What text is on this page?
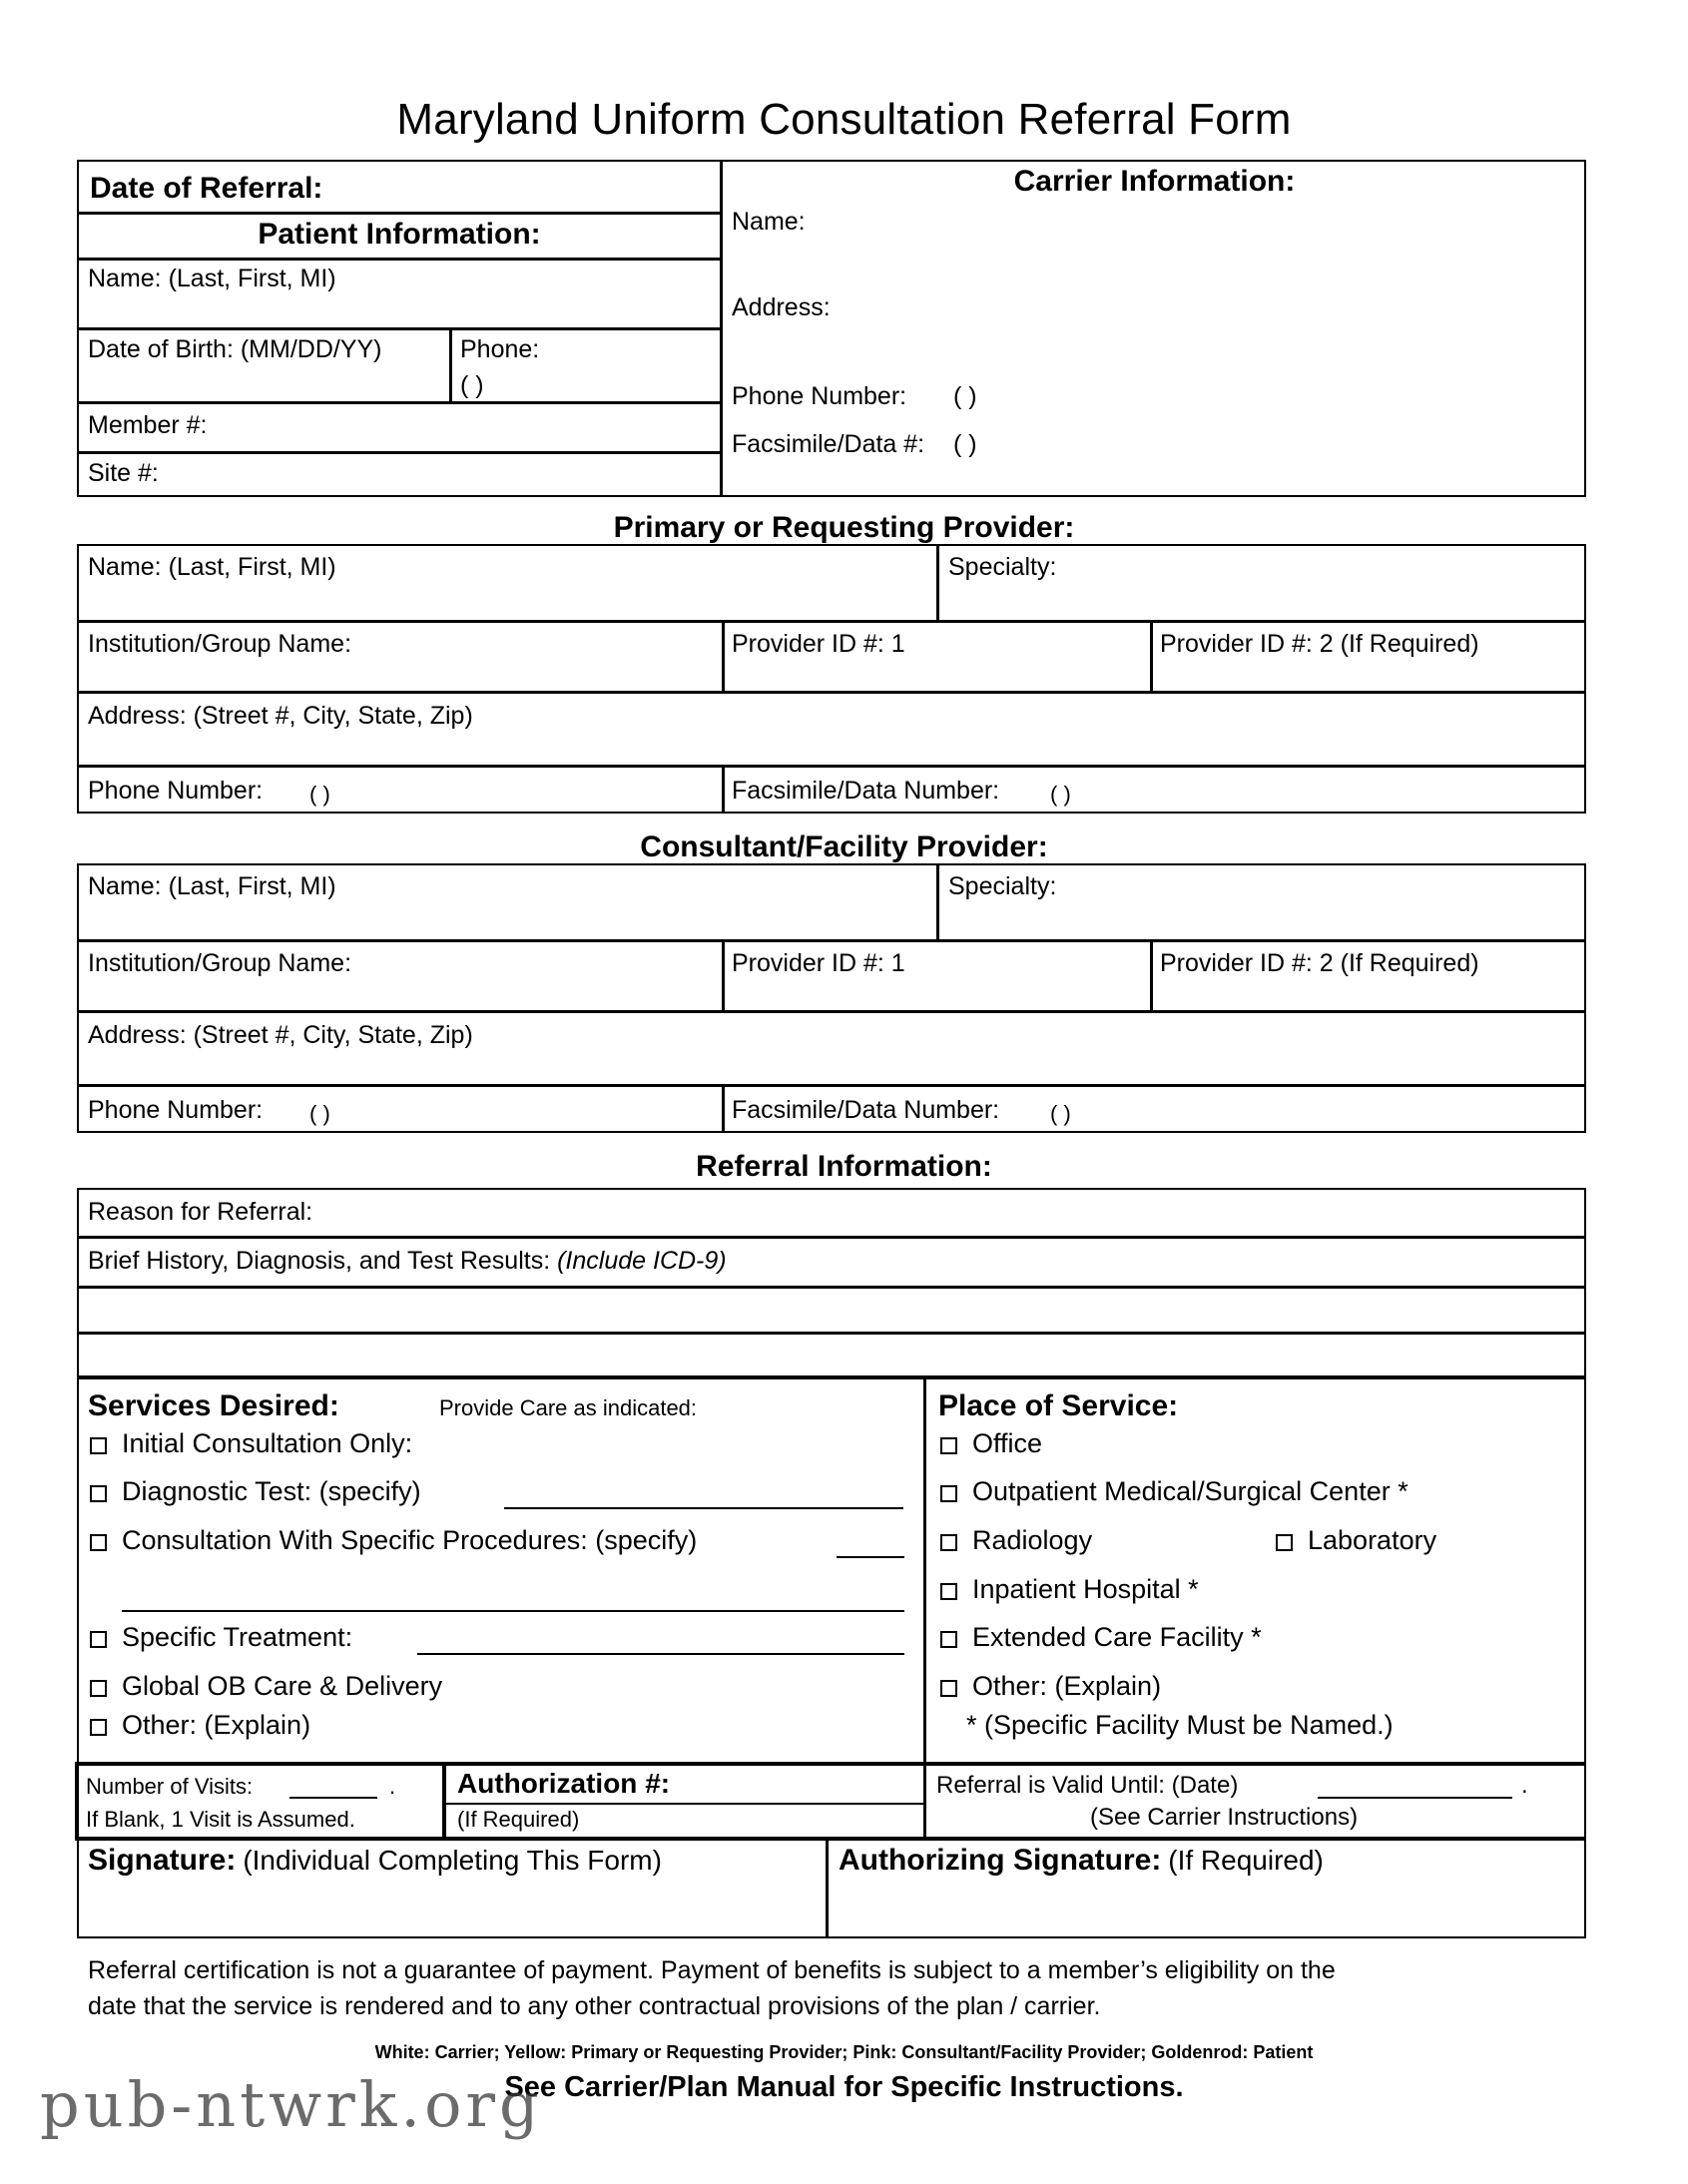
Maryland Uniform Consultation Referral Form
Date of Referral:
Patient Information:
Name: (Last, First, MI)
Date of Birth: (MM/DD/YY)	Phone:
( )
Member #:
Site #:
Carrier Information:
Name:
Address:
Phone Number: ( )
Facsimile/Data #: ( )
Primary or Requesting Provider:
Name: (Last, First, MI)	Specialty:
Institution/Group Name:	Provider ID #: 1	Provider ID #: 2 (If Required)
Address: (Street #, City, State, Zip)
Phone Number: ( )	Facsimile/Data Number: ( )
Consultant/Facility Provider:
Name: (Last, First, MI)	Specialty:
Institution/Group Name:	Provider ID #: 1	Provider ID #: 2 (If Required)
Address: (Street #, City, State, Zip)
Phone Number: ( )	Facsimile/Data Number: ( )
Referral Information:
Reason for Referral:
Brief History, Diagnosis, and Test Results: (Include ICD-9)
Services Desired:	Provide Care as indicated:
Initial Consultation Only:
Diagnostic Test: (specify)
Consultation With Specific Procedures: (specify)
Specific Treatment:
Global OB Care & Delivery
Other: (Explain)
Place of Service:
Office
Outpatient Medical/Surgical Center *
Radiology	Laboratory
Inpatient Hospital *
Extended Care Facility *
Other: (Explain)
* (Specific Facility Must be Named.)
Number of Visits:	.
If Blank, 1 Visit is Assumed.
Authorization #:
(If Required)
Referral is Valid Until: (Date)	.
(See Carrier Instructions)
Signature: (Individual Completing This Form)	Authorizing Signature: (If Required)
Referral certification is not a guarantee of payment. Payment of benefits is subject to a member’s eligibility on the
date that the service is rendered and to any other contractual provisions of the plan / carrier.
White: Carrier; Yellow: Primary or Requesting Provider; Pink: Consultant/Facility Provider; Goldenrod: Patient
See Carrier/Plan Manual for Specific Instructions.
pub-ntwrk.org
